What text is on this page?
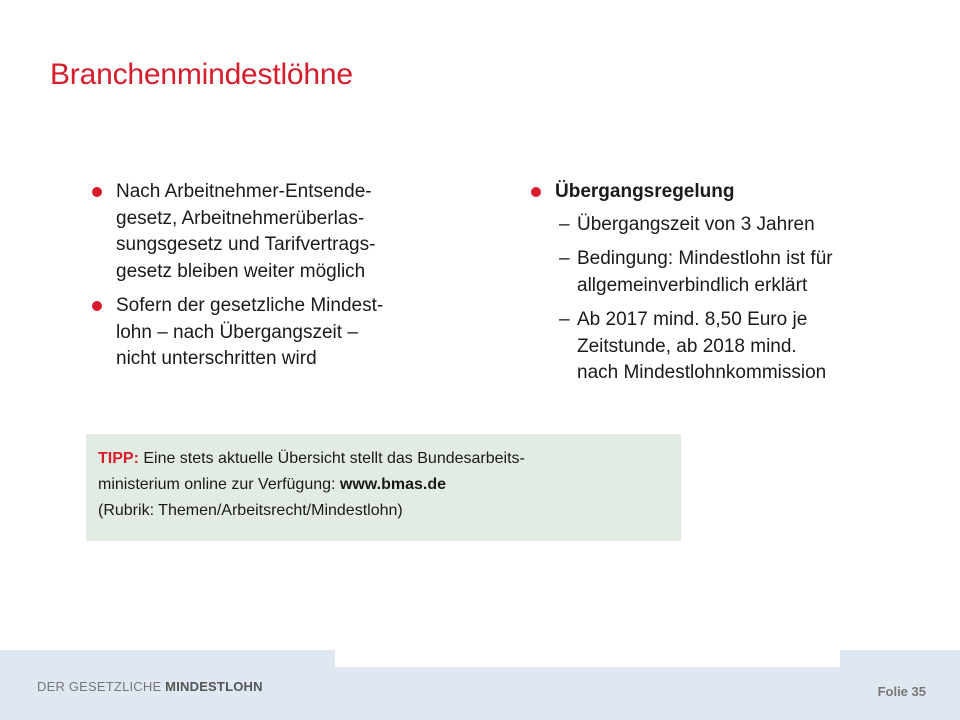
Branchenmindestlöhne
Nach Arbeitnehmer-Entsende-
gesetz, Arbeitnehmerüberlas-
sungsgesetz und Tarifvertrags-
gesetz bleiben weiter möglich
Sofern der gesetzliche Mindest-
lohn – nach Übergangszeit –
nicht unterschritten wird
Übergangsregelung
– Übergangszeit von 3 Jahren
– Bedingung: Mindestlohn ist für
allgemeinverbindlich erklärt
– Ab 2017 mind. 8,50 Euro je
Zeitstunde, ab 2018 mind.
nach Mindestlohnkommission
TIPP: Eine stets aktuelle Übersicht stellt das Bundesarbeits-
ministerium online zur Verfügung: www.bmas.de
(Rubrik: Themen/Arbeitsrecht/Mindestlohn)
DER GESETZLICHE MINDESTLOHN	Folie 35
